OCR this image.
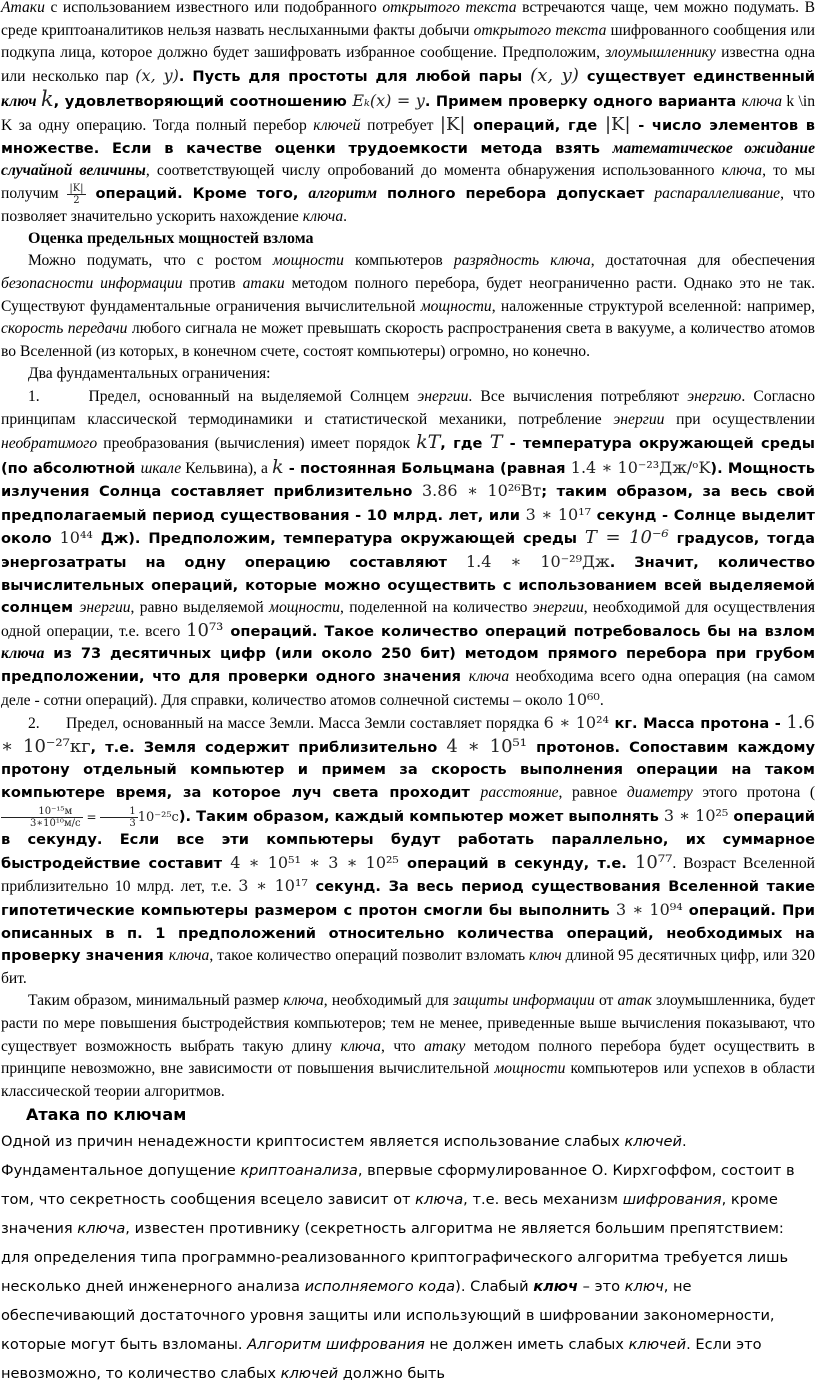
Атаки с использованием известного или подобранного открытого текста встречаются чаще, чем можно подумать. В среде криптоаналитиков нельзя назвать неслыханными факты добычи открытого текста шифрованного сообщения или подкупа лица, которое должно будет зашифровать избранное сообщение. Предположим, злоумышленнику известна одна или несколько пар (x, y). Пусть для простоты для любой пары (x, y) существует единственный ключ k, удовлетворяющий соотношению Eₖ(x) = y. Примем проверку одного варианта ключа k \in K за одну операцию. Тогда полный перебор ключей потребует |K| операций, где |K| - число элементов в множестве. Если в качестве оценки трудоемкости метода взять математическое ожидание случайной величины, соответствующей числу опробований до момента обнаружения использованного ключа, то мы получим $\frac{|K|}{2}$ операций. Кроме того, алгоритм полного перебора допускает распараллеливание, что позволяет значительно ускорить нахождение ключа.

Оценка предельных мощностей взлома

Можно подумать, что с ростом мощности компьютеров разрядность ключа, достаточная для обеспечения безопасности информации против атаки методом полного перебора, будет неограниченно расти. Однако это не так. Существуют фундаментальные ограничения вычислительной мощности, наложенные структурой вселенной: например, скорость передачи любого сигнала не может превышать скорость распространения света в вакууме, а количество атомов во Вселенной (из которых, в конечном счете, состоят компьютеры) огромно, но конечно.

Два фундаментальных ограничения:

1.      Предел, основанный на выделяемой Солнцем энергии. Все вычисления потребляют энергию. Согласно принципам классической термодинамики и статистической механики, потребление энергии при осуществлении необратимого преобразования (вычисления) имеет порядок kT, где T - температура окружающей среды (по абсолютной шкале Кельвина), а k - постоянная Больцмана (равная 1.4 ∗ 10⁻²³Дж/ᵒK). Мощность излучения Солнца составляет приблизительно 3.86 ∗ 10²⁶Вт; таким образом, за весь свой предполагаемый период существования - 10 млрд. лет, или 3 ∗ 10¹⁷ секунд - Солнце выделит около 10⁴⁴ Дж). Предположим, температура окружающей среды T = 10⁻⁶ градусов, тогда энергозатраты на одну операцию составляют 1.4 ∗ 10⁻²⁹Дж. Значит, количество вычислительных операций, которые можно осуществить с использованием всей выделяемой солнцем энергии, равно выделяемой мощности, поделенной на количество энергии, необходимой для осуществления одной операции, т.е. всего 10⁷³ операций. Такое количество операций потребовалось бы на взлом ключа из 73 десятичных цифр (или около 250 бит) методом прямого перебора при грубом предположении, что для проверки одного значения ключа необходима всего одна операция (на самом деле - сотни операций). Для справки, количество атомов солнечной системы – около 10⁶⁰.

2.      Предел, основанный на массе Земли. Масса Земли составляет порядка 6 ∗ 10²⁴ кг. Масса протона - 1.6 ∗ 10⁻²⁷кг, т.е. Земля содержит приблизительно 4 ∗ 10⁵¹ протонов. Сопоставим каждому протону отдельный компьютер и примем за скорость выполнения операции на таком компьютере время, за которое луч света проходит расстояние, равное диаметру этого протона (
$\frac{\text{10⁻¹⁵м}}{\text{3∗10¹⁰м/с}} = \frac{1}{3} 10^{-25}c$). Таким образом, каждый компьютер может выполнять 3 ∗ 10²⁵ операций в секунду. Если все эти компьютеры будут работать параллельно, их суммарное быстродействие составит 4 ∗ 10⁵¹ ∗ 3 ∗ 10²⁵ операций в секунду, т.е. 10⁷⁷. Возраст Вселенной приблизительно 10 млрд. лет, т.е. 3 ∗ 10¹⁷ секунд. За весь период существования Вселенной такие гипотетические компьютеры размером с протон смогли бы выполнить 3 ∗ 10⁹⁴ операций. При описанных в п. 1 предположений относительно количества операций, необходимых на проверку значения ключа, такое количество операций позволит взломать ключ длиной 95 десятичных цифр, или 320 бит.

Таким образом, минимальный размер ключа, необходимый для защиты информации от атак злоумышленника, будет расти по мере повышения быстродействия компьютеров; тем не менее, приведенные выше вычисления показывают, что существует возможность выбрать такую длину ключа, что атаку методом полного перебора будет осуществить в принципе невозможно, вне зависимости от повышения вычислительной мощности компьютеров или успехов в области классической теории алгоритмов.

Атака по ключам

Одной из причин ненадежности криптосистем является использование слабых ключей. Фундаментальное допущение криптоанализа, впервые сформулированное О. Кирхгоффом, состоит в том, что секретность сообщения всецело зависит от ключа, т.е. весь механизм шифрования, кроме значения ключа, известен противнику (секретность алгоритма не является большим препятствием: для определения типа программно-реализованного криптографического алгоритма требуется лишь несколько дней инженерного анализа исполняемого кода). Слабый ключ – это ключ, не обеспечивающий достаточного уровня защиты или использующий в шифровании закономерности, которые могут быть взломаны. Алгоритм шифрования не должен иметь слабых ключей. Если это невозможно, то количество слабых ключей должно быть
